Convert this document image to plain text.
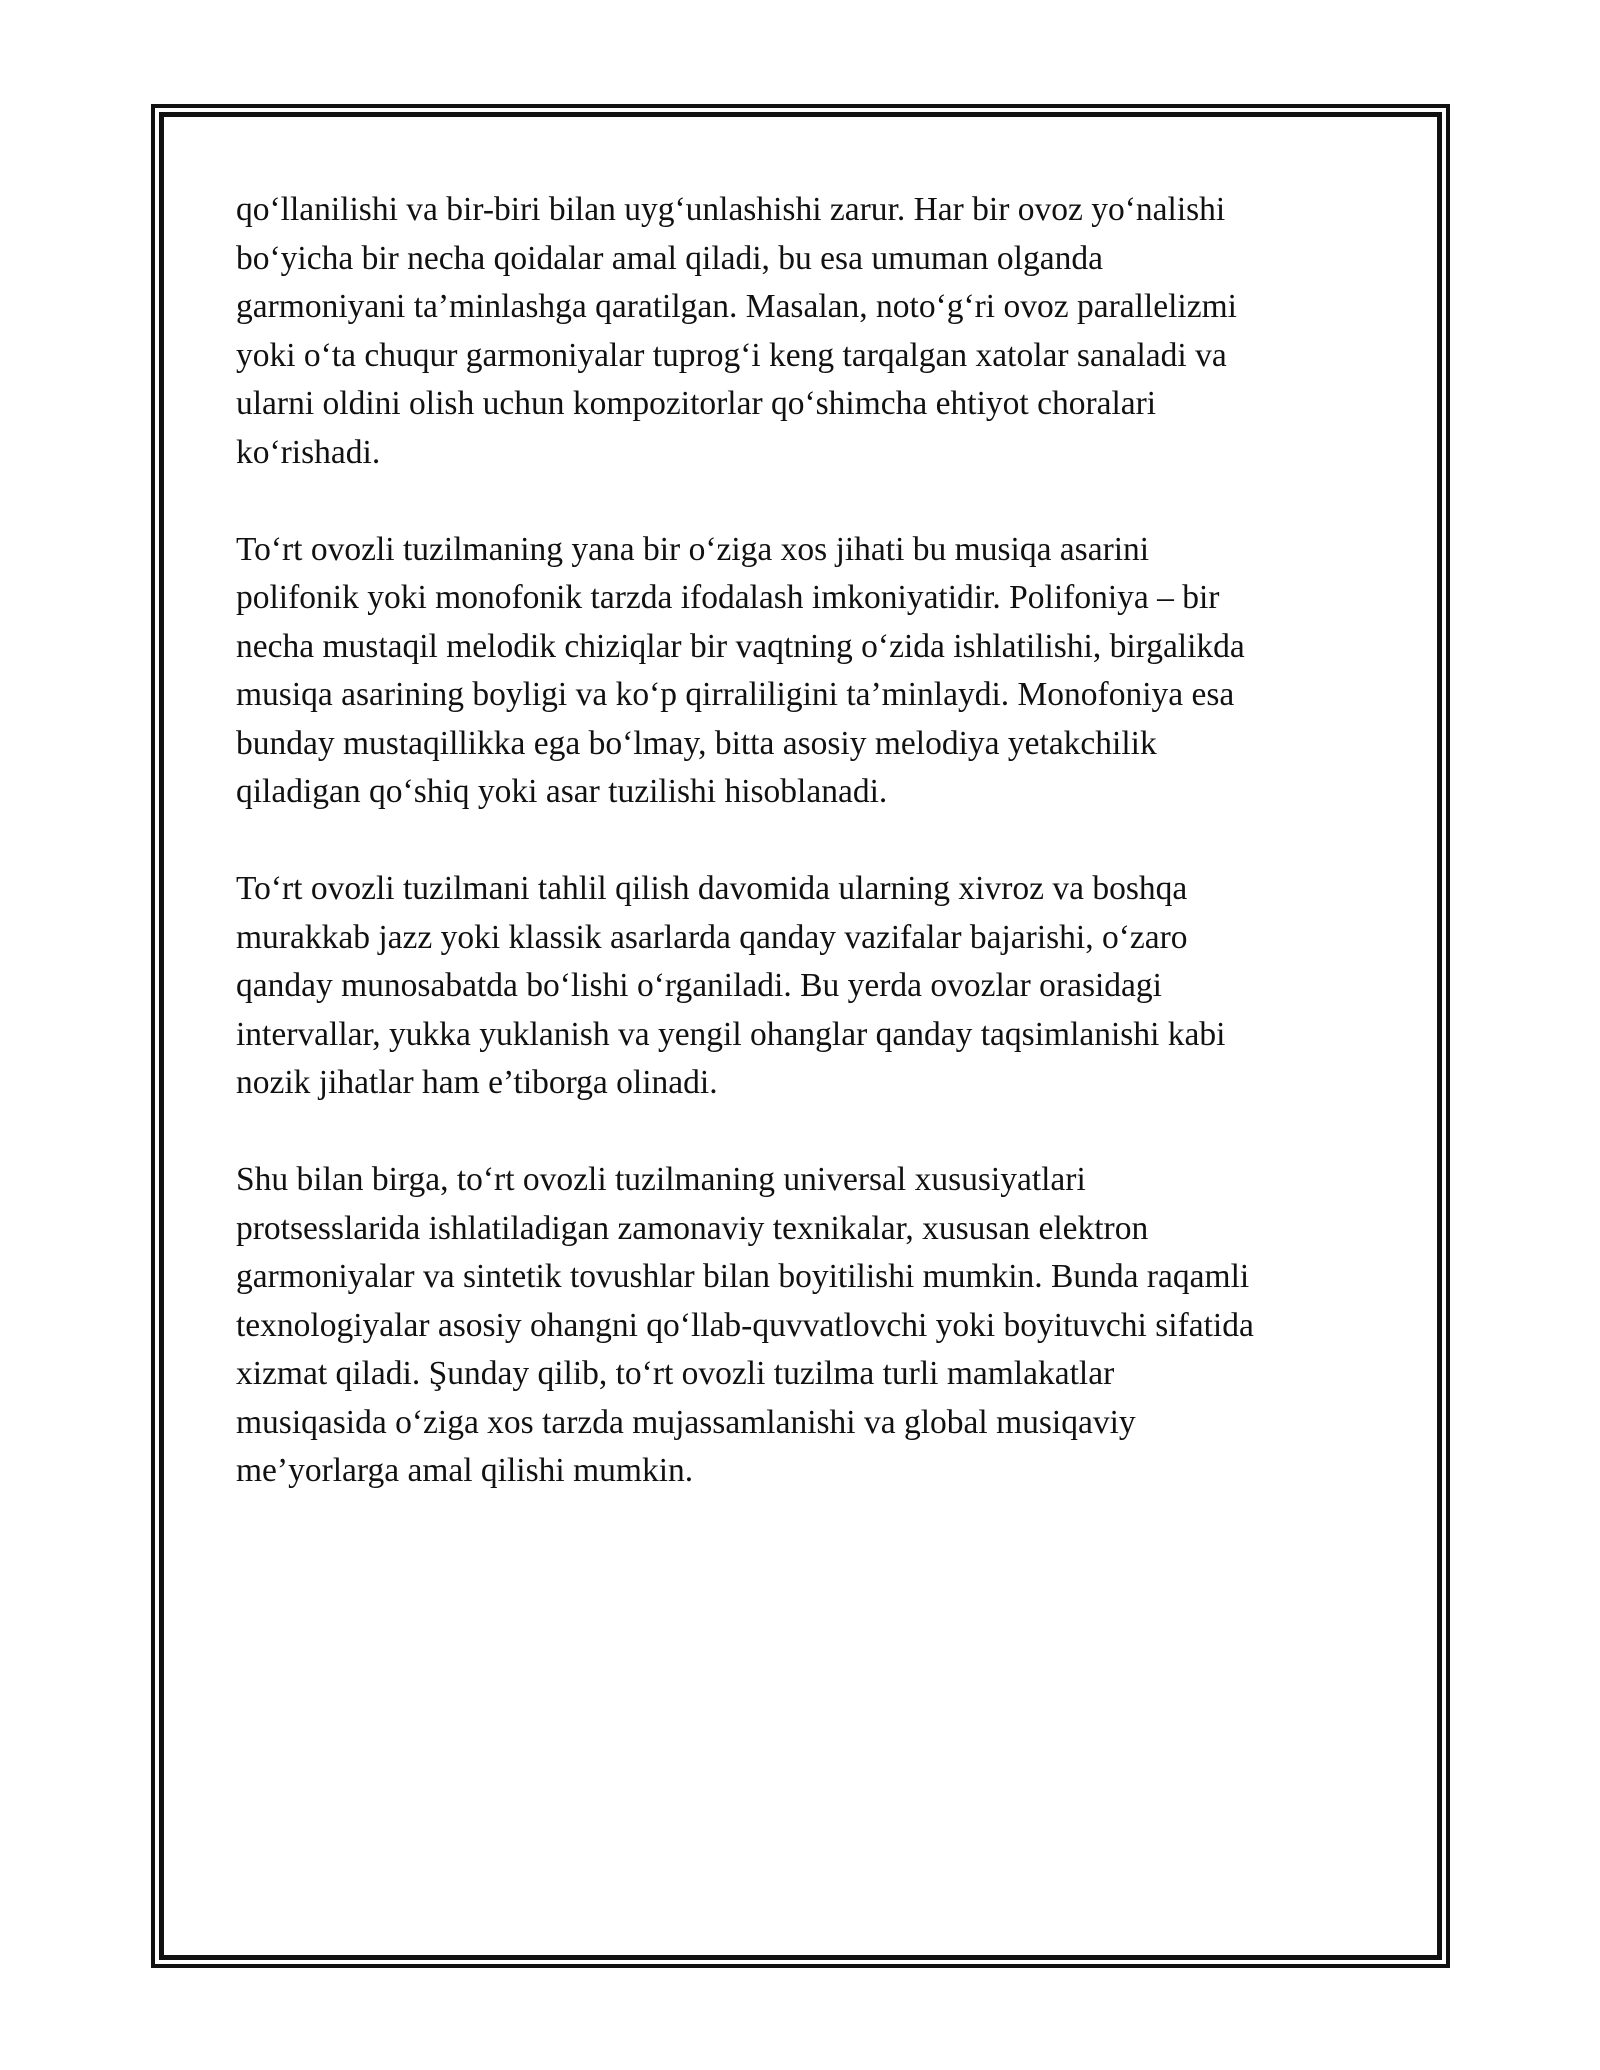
qo‘llanilishi va bir-biri bilan uyg‘unlashishi zarur. Har bir ovoz yo‘nalishi
bo‘yicha bir necha qoidalar amal qiladi, bu esa umuman olganda
garmoniyani ta’minlashga qaratilgan. Masalan, noto‘g‘ri ovoz parallelizmi
yoki o‘ta chuqur garmoniyalar tuprog‘i keng tarqalgan xatolar sanaladi va
ularni oldini olish uchun kompozitorlar qo‘shimcha ehtiyot choralari
ko‘rishadi.

To‘rt ovozli tuzilmaning yana bir o‘ziga xos jihati bu musiqa asarini
polifonik yoki monofonik tarzda ifodalash imkoniyatidir. Polifoniya – bir
necha mustaqil melodik chiziqlar bir vaqtning o‘zida ishlatilishi, birgalikda
musiqa asarining boyligi va ko‘p qirraliligini ta’minlaydi. Monofoniya esa
bunday mustaqillikka ega bo‘lmay, bitta asosiy melodiya yetakchilik
qiladigan qo‘shiq yoki asar tuzilishi hisoblanadi.

To‘rt ovozli tuzilmani tahlil qilish davomida ularning xivroz va boshqa
murakkab jazz yoki klassik asarlarda qanday vazifalar bajarishi, o‘zaro
qanday munosabatda bo‘lishi o‘rganiladi. Bu yerda ovozlar orasidagi
intervallar, yukka yuklanish va yengil ohanglar qanday taqsimlanishi kabi
nozik jihatlar ham e’tiborga olinadi.

Shu bilan birga, to‘rt ovozli tuzilmaning universal xususiyatlari
protsesslarida ishlatiladigan zamonaviy texnikalar, xususan elektron
garmoniyalar va sintetik tovushlar bilan boyitilishi mumkin. Bunda raqamli
texnologiyalar asosiy ohangni qo‘llab-quvvatlovchi yoki boyituvchi sifatida
xizmat qiladi. Şunday qilib, to‘rt ovozli tuzilma turli mamlakatlar
musiqasida o‘ziga xos tarzda mujassamlanishi va global musiqaviy
me’yorlarga amal qilishi mumkin.
